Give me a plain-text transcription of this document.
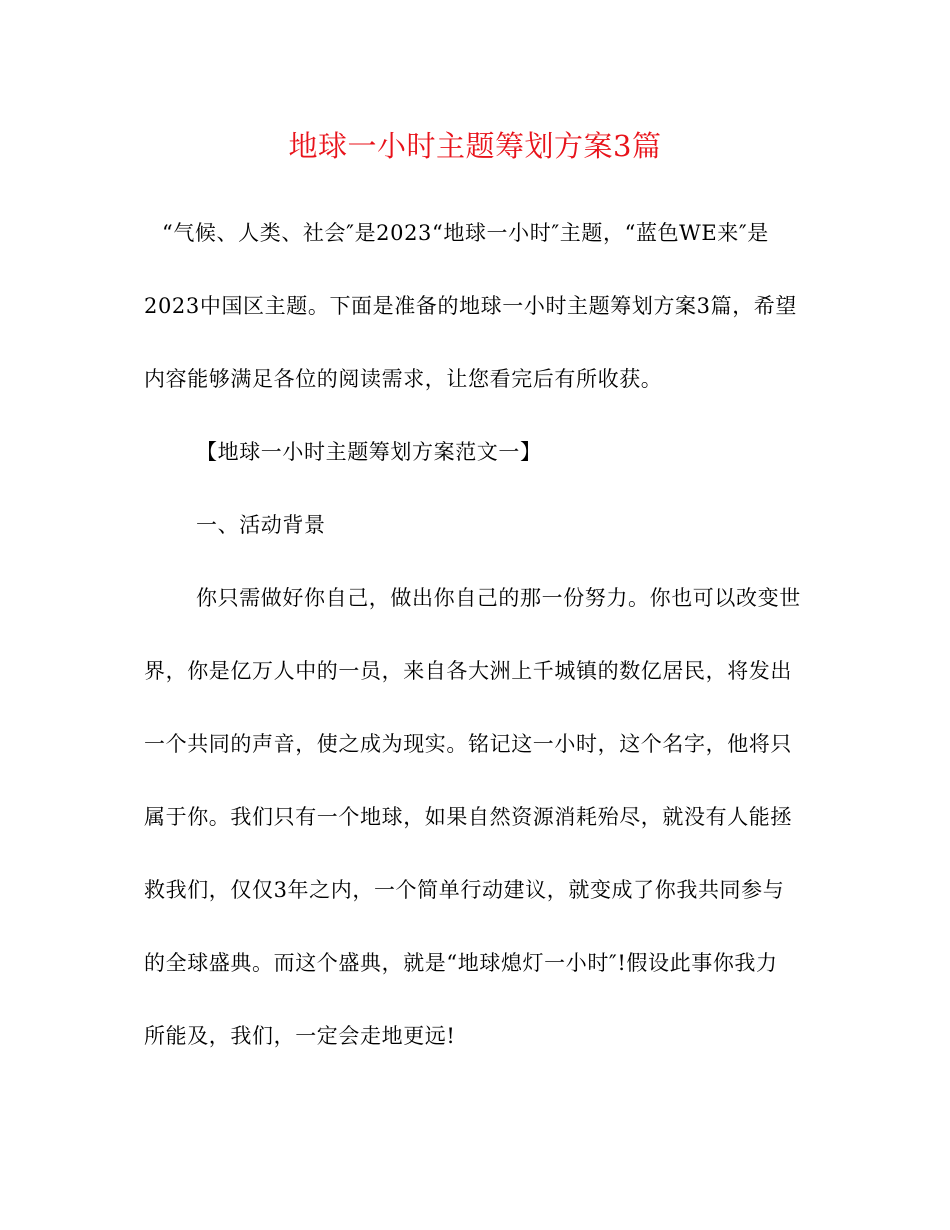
地球一小时主题筹划方案3篇
“气候、人类、社会″是2023“地球一小时″主题，“蓝色WE来″是
2023中国区主题。下面是准备的地球一小时主题筹划方案3篇，希望
内容能够满足各位的阅读需求，让您看完后有所收获。
【地球一小时主题筹划方案范文一】
一、活动背景
你只需做好你自己，做出你自己的那一份努力。你也可以改变世
界，你是亿万人中的一员，来自各大洲上千城镇的数亿居民，将发出
一个共同的声音，使之成为现实。铭记这一小时，这个名字，他将只
属于你。我们只有一个地球，如果自然资源消耗殆尽，就没有人能拯
救我们，仅仅3年之内，一个简单行动建议，就变成了你我共同参与
的全球盛典。而这个盛典，就是“地球熄灯一小时″!假设此事你我力
所能及，我们，一定会走地更远!
